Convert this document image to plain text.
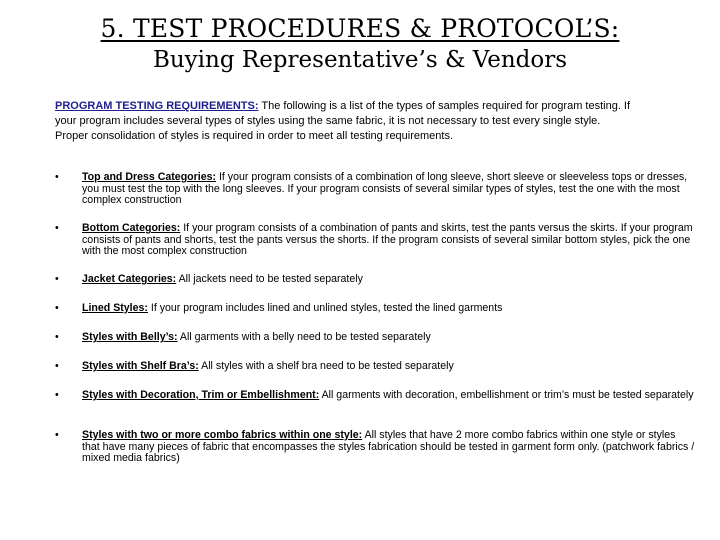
5. TEST PROCEDURES & PROTOCOL’S:
Buying Representative’s & Vendors
PROGRAM TESTING REQUIREMENTS: The following is a list of the types of samples required for program testing. If your program includes several types of styles using the same fabric, it is not necessary to test every single style. Proper consolidation of styles is required in order to meet all testing requirements.
•	Top and Dress Categories: If your program consists of a combination of long sleeve, short sleeve or sleeveless tops or dresses, you must test the top with the long sleeves. If your program consists of several similar types of styles, test the one with the most complex construction
•	Bottom Categories: If your program consists of a combination of pants and skirts, test the pants versus the skirts. If your program consists of pants and shorts, test the pants versus the shorts. If the program consists of several similar bottom styles, pick the one with the most complex construction
•	Jacket Categories: All jackets need to be tested separately
•	Lined Styles: If your program includes lined and unlined styles, tested the lined garments
•	Styles with Belly’s: All garments with a belly need to be tested separately
•	Styles with Shelf Bra’s: All styles with a shelf bra need to be tested separately
•	Styles with Decoration, Trim or Embellishment: All garments with decoration, embellishment or trim’s must be tested separately
•	Styles with two or more combo fabrics within one style: All styles that have 2 more combo fabrics within one style or styles that have many pieces of fabric that encompasses the styles fabrication should be tested in garment form only. (patchwork fabrics / mixed media fabrics)
